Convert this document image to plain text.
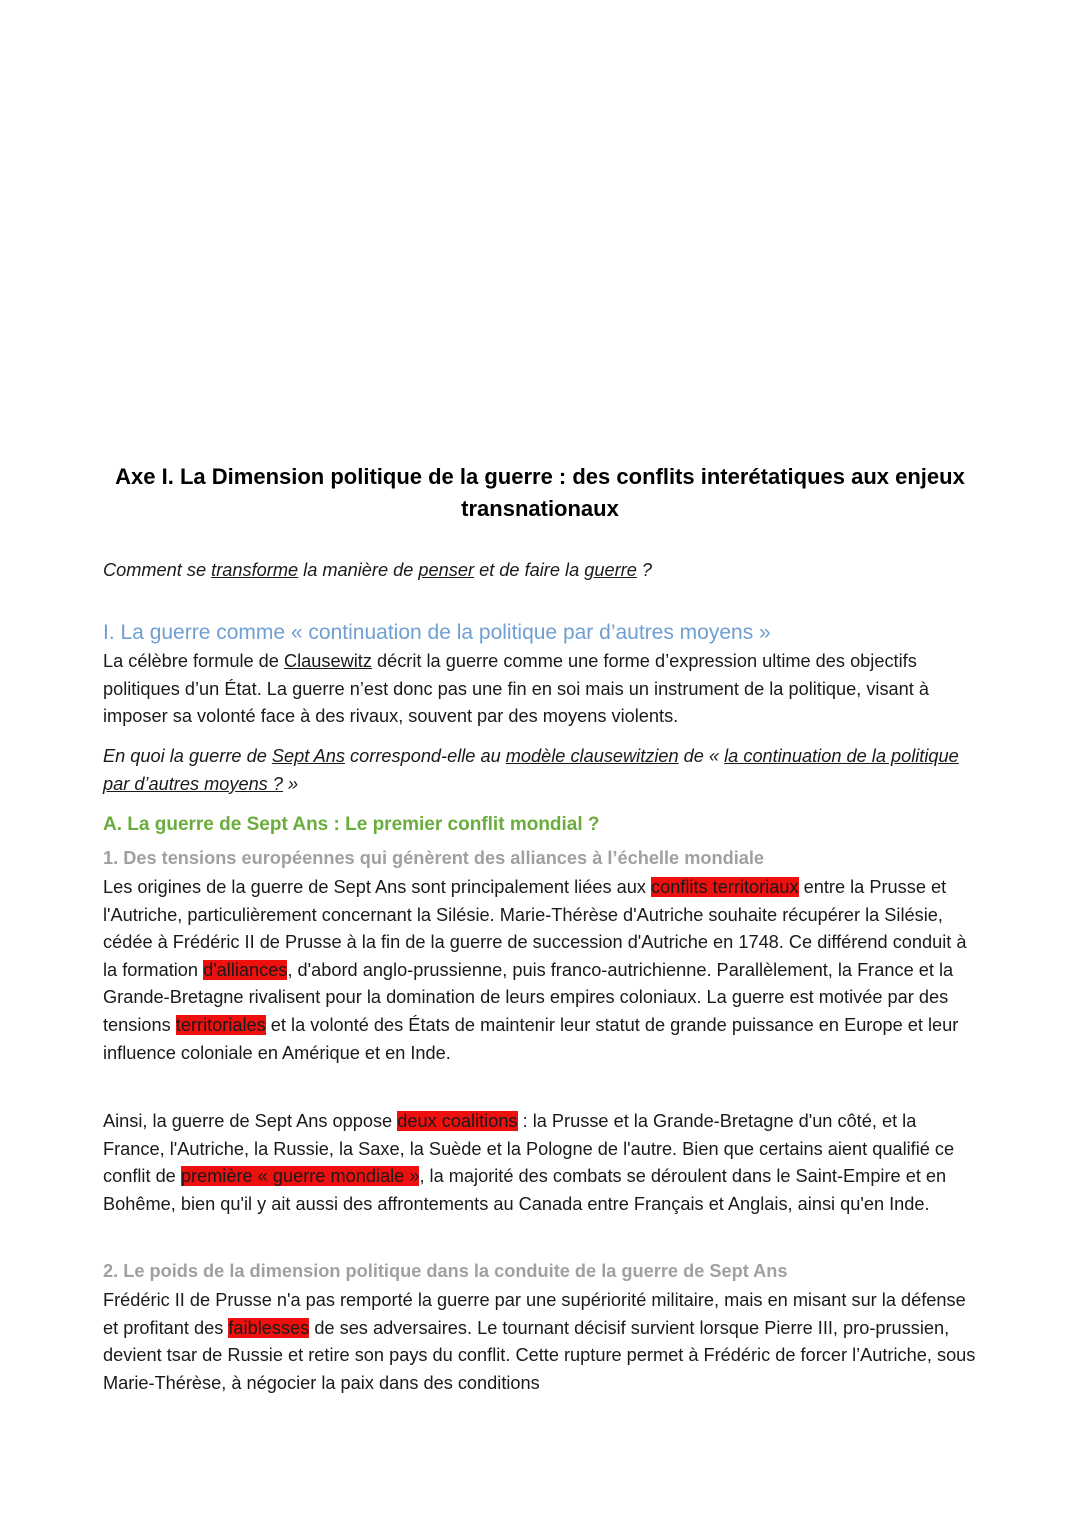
Axe I. La Dimension politique de la guerre : des conflits interétatiques aux enjeux transnationaux
Comment se transforme la manière de penser et de faire la guerre ?
I. La guerre comme « continuation de la politique par d’autres moyens »
La célèbre formule de Clausewitz décrit la guerre comme une forme d’expression ultime des objectifs politiques d’un État. La guerre n’est donc pas une fin en soi mais un instrument de la politique, visant à imposer sa volonté face à des rivaux, souvent par des moyens violents.
En quoi la guerre de Sept Ans correspond-elle au modèle clausewitzien de « la continuation de la politique par d’autres moyens ? »
A. La guerre de Sept Ans : Le premier conflit mondial ?
1. Des tensions européennes qui génèrent des alliances à l’échelle mondiale
Les origines de la guerre de Sept Ans sont principalement liées aux conflits territoriaux entre la Prusse et l'Autriche, particulièrement concernant la Silésie. Marie-Thérèse d'Autriche souhaite récupérer la Silésie, cédée à Frédéric II de Prusse à la fin de la guerre de succession d'Autriche en 1748. Ce différend conduit à la formation d'alliances, d'abord anglo-prussienne, puis franco-autrichienne. Parallèlement, la France et la Grande-Bretagne rivalisent pour la domination de leurs empires coloniaux. La guerre est motivée par des tensions territoriales et la volonté des États de maintenir leur statut de grande puissance en Europe et leur influence coloniale en Amérique et en Inde.
Ainsi, la guerre de Sept Ans oppose deux coalitions : la Prusse et la Grande-Bretagne d'un côté, et la France, l'Autriche, la Russie, la Saxe, la Suède et la Pologne de l'autre. Bien que certains aient qualifié ce conflit de première « guerre mondiale », la majorité des combats se déroulent dans le Saint-Empire et en Bohême, bien qu'il y ait aussi des affrontements au Canada entre Français et Anglais, ainsi qu'en Inde.
2. Le poids de la dimension politique dans la conduite de la guerre de Sept Ans
Frédéric II de Prusse n'a pas remporté la guerre par une supériorité militaire, mais en misant sur la défense et profitant des faiblesses de ses adversaires. Le tournant décisif survient lorsque Pierre III, pro-prussien, devient tsar de Russie et retire son pays du conflit. Cette rupture permet à Frédéric de forcer l’Autriche, sous Marie-Thérèse, à négocier la paix dans des conditions
